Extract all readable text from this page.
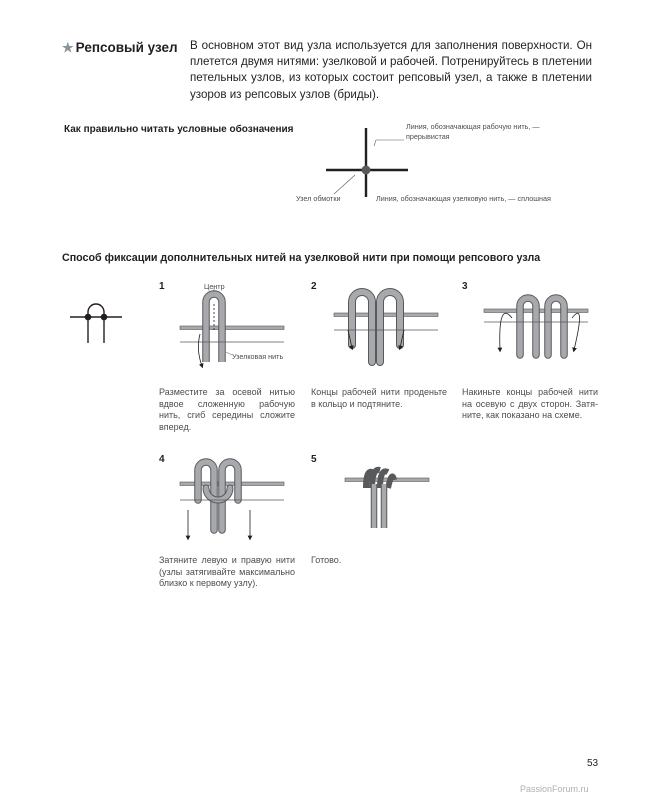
★ Репсовый узел В основном этот вид узла используется для заполнения поверхности. Он плетется двумя нитями: узелковой и рабочей. Потренируйтесь в плетении петельных узлов, из которых состоит репсовый узел, а также в плетении узоров из репсовых узлов (бриды).
Как правильно читать условные обозначения	Линия, обозначающая рабочую нить, — прерывистая
Узел обмотки	Линия, обозначающая узелковую нить, — сплошная
Способ фиксации дополнительных нитей на узелковой нити при помощи репсового узла
1	2	3
4	5
Центр
Узелковая нить
Разместите за осевой нитью вдвое сложенную рабочую нить, сгиб середины сложите вперед.
Концы рабочей нити проденьте в кольцо и подтяните.
Накиньте концы рабочей нити на осевую с двух сторон. Затяните, как показано на схеме.
Затяните левую и правую нити (узлы затягивайте максимально близко к первому узлу).
Готово.
53
PassionForum.ru
